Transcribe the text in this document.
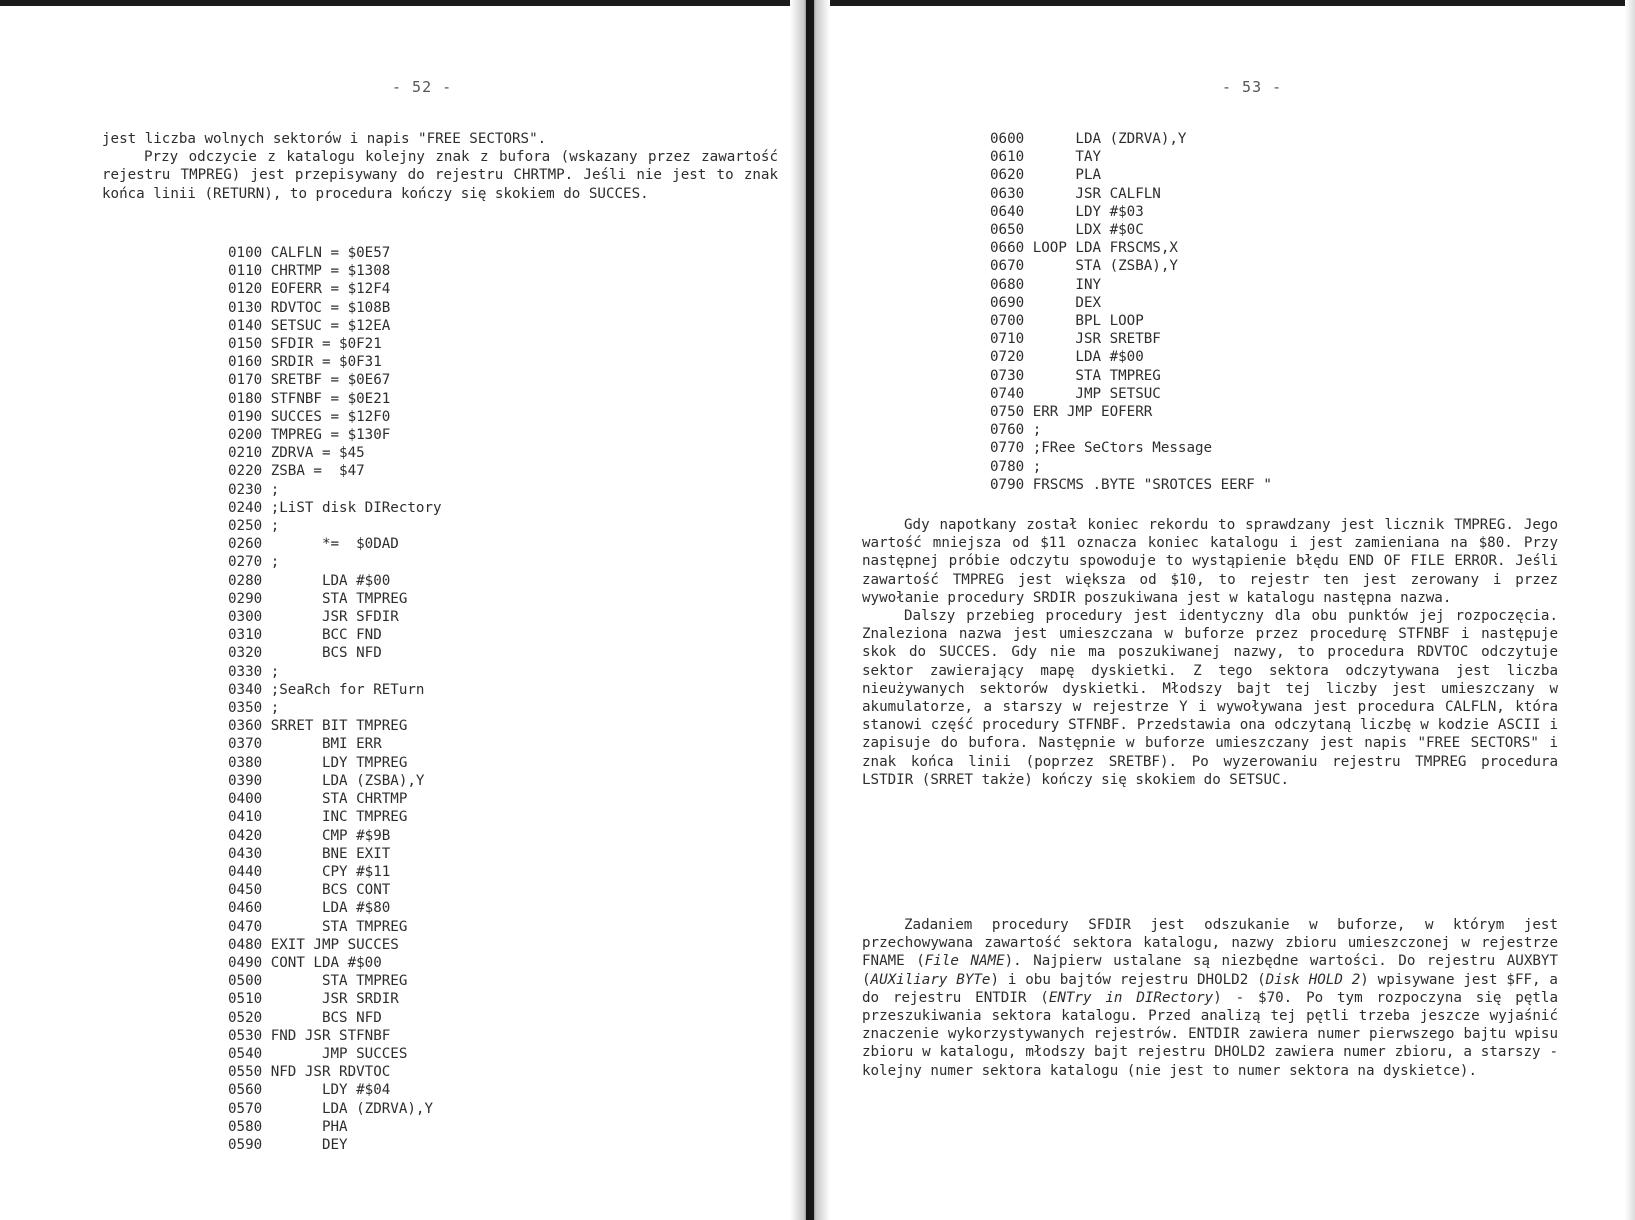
- 52 -

jest liczba wolnych sektorów i napis "FREE SECTORS".

Przy odczycie z katalogu kolejny znak z bufora (wskazany przez zawartość rejestru TMPREG) jest przepisywany do rejestru CHRTMP. Jeśli nie jest to znak końca linii (RETURN), to procedura kończy się skokiem do SUCCES.

0100 CALFLN = $0E57
0110 CHRTMP = $1308
0120 EOFERR = $12F4
0130 RDVTOC = $108B
0140 SETSUC = $12EA
0150 SFDIR = $0F21
0160 SRDIR = $0F31
0170 SRETBF = $0E67
0180 STFNBF = $0E21
0190 SUCCES = $12F0
0200 TMPREG = $130F
0210 ZDRVA = $45
0220 ZSBA =  $47
0230 ;
0240 ;LiST disk DIRectory
0250 ;
0260       *=  $0DAD
0270 ;
0280       LDA #$00
0290       STA TMPREG
0300       JSR SFDIR
0310       BCC FND
0320       BCS NFD
0330 ;
0340 ;SeaRch for RETurn
0350 ;
0360 SRRET BIT TMPREG
0370       BMI ERR
0380       LDY TMPREG
0390       LDA (ZSBA),Y
0400       STA CHRTMP
0410       INC TMPREG
0420       CMP #$9B
0430       BNE EXIT
0440       CPY #$11
0450       BCS CONT
0460       LDA #$80
0470       STA TMPREG
0480 EXIT JMP SUCCES
0490 CONT LDA #$00
0500       STA TMPREG
0510       JSR SRDIR
0520       BCS NFD
0530 FND JSR STFNBF
0540       JMP SUCCES
0550 NFD JSR RDVTOC
0560       LDY #$04
0570       LDA (ZDRVA),Y
0580       PHA
0590       DEY
- 53 -
0600      LDA (ZDRVA),Y
0610      TAY
0620      PLA
0630      JSR CALFLN
0640      LDY #$03
0650      LDX #$0C
0660 LOOP LDA FRSCMS,X
0670      STA (ZSBA),Y
0680      INY
0690      DEX
0700      BPL LOOP
0710      JSR SRETBF
0720      LDA #$00
0730      STA TMPREG
0740      JMP SETSUC
0750 ERR JMP EOFERR
0760 ;
0770 ;FRee SeCtors Message
0780 ;
0790 FRSCMS .BYTE "SROTCES EERF "

Gdy napotkany został koniec rekordu to sprawdzany jest licznik TMPREG. Jego wartość mniejsza od $11 oznacza koniec katalogu i jest zamieniana na $80. Przy następnej próbie odczytu spowoduje to wystąpienie błędu END OF FILE ERROR. Jeśli zawartość TMPREG jest większa od $10, to rejestr ten jest zerowany i przez wywołanie procedury SRDIR poszukiwana jest w katalogu następna nazwa.

Dalszy przebieg procedury jest identyczny dla obu punktów jej rozpoczęcia. Znaleziona nazwa jest umieszczana w buforze przez procedurę STFNBF i następuje skok do SUCCES. Gdy nie ma poszukiwanej nazwy, to procedura RDVTOC odczytuje sektor zawierający mapę dyskietki. Z tego sektora odczytywana jest liczba nieużywanych sektorów dyskietki. Młodszy bajt tej liczby jest umieszczany w akumulatorze, a starszy w rejestrze Y i wywoływana jest procedura CALFLN, która stanowi część procedury STFNBF. Przedstawia ona odczytaną liczbę w kodzie ASCII i zapisuje do bufora. Następnie w buforze umieszczany jest napis "FREE SECTORS" i znak końca linii (poprzez SRETBF). Po wyzerowaniu rejestru TMPREG procedura LSTDIR (SRRET także) kończy się skokiem do SETSUC.

Zadaniem procedury SFDIR jest odszukanie w buforze, w którym jest przechowywana zawartość sektora katalogu, nazwy zbioru umieszczonej w rejestrze FNAME (File NAME). Najpierw ustalane są niezbędne wartości. Do rejestru AUXBYT (AUXiliary BYTe) i obu bajtów rejestru DHOLD2 (Disk HOLD 2) wpisywane jest $FF, a do rejestru ENTDIR (ENTry in DIRectory) - $70. Po tym rozpoczyna się pętla przeszukiwania sektora katalogu. Przed analizą tej pętli trzeba jeszcze wyjaśnić znaczenie wykorzystywanych rejestrów. ENTDIR zawiera numer pierwszego bajtu wpisu zbioru w katalogu, młodszy bajt rejestru DHOLD2 zawiera numer zbioru, a starszy - kolejny numer sektora katalogu (nie jest to numer sektora na dyskietce).
